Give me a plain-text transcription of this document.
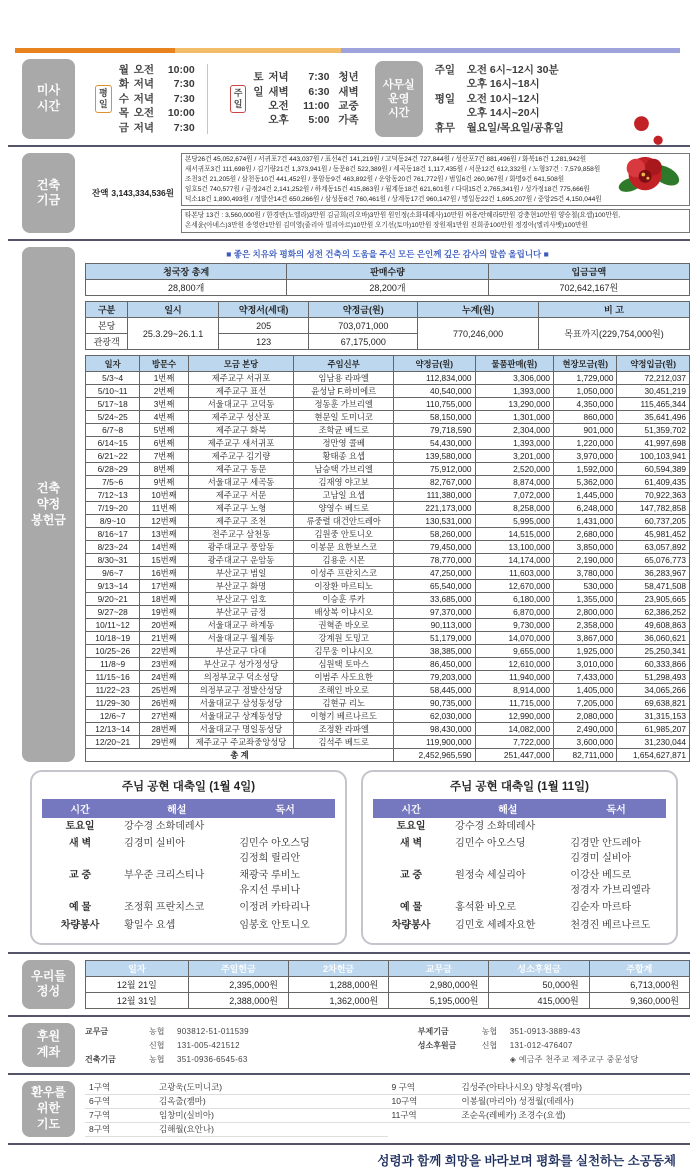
미사
시간
평
일
월 오전	10:00
화 저녁	7:30
수 저녁	7:30
목 오전	10:00
금 저녁	7:30
주
일
토 저녁	7:30 청년
일 새벽	6:30 새벽
오전	11:00 교중
오후	5:00 가족
사무실
운영
시간
주일	오전 6시~12시 30분
오후 16시~18시
평일	오전 10시~12시
오후 14시~20시
휴무	월요일/목요일/공휴일
건축
기금	잔액 3,143,334,536원
본당26건 45,052,674원 / 서귀포7건 443,037원 / 표선4건 141,219원 / 고덕동24건 727,844원 / 성산포7건 881,496원 / 화북16건 1,281,942원
새서귀포3건 111,698원 / 김기량21건 1,373,941원 / 동문8건 522,389원 / 세곡동18건 1,117,435원 / 서문12건 612,332원 / 노형37건 : 7,579,858원
조천3건 21,205원 / 삼천동10건 441,452원 / 풍암동9건 463,892원 / 운암동20건 761,772원 / 범일6건 260,967원 / 화명9건 641,508원
임호5건 740,577원 / 금정24건 2,141,252원 / 하계동15건 415,863원 / 월계동18건 621,601원 / 다대15건 2,765,341원 / 성가정18건 775,666원
덕소18건 1,890,493원 / 정발산14건 650,266원 / 삼성동8건 760,461원 / 상계동17건 960,147원 / 명일동22건 1,695,207원 / 중앙25건 4,150,044원
타본당 13건 : 3,560,000원 / 한경란(노엘라)3만원 김금희(리오바)3만원 원인정(소화데레사)10만원 허용/안혜라5만원 강충현10만원 양승철(요셉)100만원,
온세윤(아녜스)3만원 송영란1만원 김미영(줄리아 빌리아르)10만원 오기선(토마)10만원 장원재1만원 진희종100만원 정경아(엘리사벳)100만원
건축
약정
봉헌금
■ 좋은 치유와 평화의 성전 건축의 도움을 주신 모든 은인께 깊은 감사의 말씀 올립니다 ■
청국장 총계	판매수량	입금금액
28,800개	28,200개	702,642,167원
구분	일시	약정서(세대)	약정금(원)	누계(원)	비 고
본당	25.3.29~26.1.1	205	703,071,000	770,246,000	목표까지(229,754,000원)
관광객		123	67,175,000		
일자	방문수	모금 본당	주임신부	약정금(원)	물품판매(원)	현장모금(원)	약정입금(원)
5/3~4	1번째	제주교구 서귀포	임남용 라파엘	112,834,000	3,306,000	1,729,000	72,212,037
5/10~11	2번째	제주교구 표선	윤성남 F.하비에르	40,540,000	1,393,000	1,050,000	30,451,219
5/17~18	3번째	서울대교구 고덕동	정동훈 가브리엘	110,755,000	13,290,000	4,350,000	115,465,344
5/24~25	4번째	제주교구 성산포	현문일 도미니코	58,150,000	1,301,000	860,000	35,641,496
6/7~8	5번째	제주교구 화북	조학균 베드로	79,718,590	2,304,000	901,000	51,359,702
6/14~15	6번째	제주교구 새서귀포	정만영 콜베	54,430,000	1,393,000	1,220,000	41,997,698
6/21~22	7번째	제주교구 김기량	황태종 요셉	139,580,000	3,201,000	3,970,000	100,103,941
6/28~29	8번째	제주교구 동문	남승택 가브리엘	75,912,000	2,520,000	1,592,000	60,594,389
7/5~6	9번째	서울대교구 세곡동	김재영 야고보	82,767,000	8,874,000	5,362,000	61,409,435
7/12~13	10번째	제주교구 서문	고남일 요셉	111,380,000	7,072,000	1,445,000	70,922,363
7/19~20	11번째	제주교구 노형	양영수 베드로	221,173,000	8,258,000	6,248,000	147,782,858
8/9~10	12번째	제주교구 조천	류중렬 대건안드레아	130,531,000	5,995,000	1,431,000	60,737,205
8/16~17	13번째	전주교구 삼천동	김원중 안토니오	58,260,000	14,515,000	2,680,000	45,981,452
8/23~24	14번째	광주대교구 풍암동	이봉문 요한보스코	79,450,000	13,100,000	3,850,000	63,057,892
8/30~31	15번째	광주대교구 운암동	김용운 시몬	78,770,000	14,174,000	2,190,000	65,076,773
9/6~7	16번째	부산교구 범일	이성주 프란치스코	47,250,000	11,603,000	3,780,000	36,283,967
9/13~14	17번째	부산교구 화명	이장환 마르티노	65,540,000	12,670,000	530,000	58,471,508
9/20~21	18번째	부산교구 임호	이승훈 루카	33,685,000	6,180,000	1,355,000	23,905,665
9/27~28	19번째	부산교구 금정	배상복 이냐시오	97,370,000	6,870,000	2,800,000	62,386,252
10/11~12	20번째	서울대교구 하계동	권혁준 바오로	90,113,000	9,730,000	2,358,000	49,608,863
10/18~19	21번째	서울대교구 월계동	강계원 도밍고	51,179,000	14,070,000	3,867,000	36,060,621
10/25~26	22번째	부산교구 다대	김무웅 이냐시오	38,385,000	9,655,000	1,925,000	25,250,341
11/8~9	23번째	부산교구 성가정성당	심원택 토마스	86,450,000	12,610,000	3,010,000	60,333,866
11/15~16	24번째	의정부교구 덕소성당	이범주 사도요한	79,203,000	11,940,000	7,433,000	51,298,493
11/22~23	25번째	의정부교구 정발산성당	조해인 바오로	58,445,000	8,914,000	1,405,000	34,065,266
11/29~30	26번째	서울대교구 삼성동성당	김현규 리노	90,735,000	11,715,000	7,205,000	69,638,821
12/6~7	27번째	서울대교구 상계동성당	이형기 베르나르도	62,030,000	12,990,000	2,080,000	31,315,153
12/13~14	28번째	서울대교구 명일동성당	조정환 라파엘	98,430,000	14,082,000	2,490,000	61,985,207
12/20~21	29번째	제주교구 주교좌중앙성당	김석주 베드로	119,900,000	7,722,000	3,600,000	31,230,044
총 계				2,452,965,590	251,447,000	82,711,000	1,654,627,871
주님 공현 대축일 (1월 4일)
시간	해설	독서
토요일	강수경 소화데레사
새 벽	김경미 실비아	김민수 아오스딩
김정희 릴리안
교 중	부우준 크리스티나	채광국 루비노
유지선 루비나
예 물	조정휘 프란치스코	이정려 카타리나
차량봉사	황일수 요셉	임봉호 안토니오
주님 공현 대축일 (1월 11일)
시간	해설	독서
토요일	강수경 소화데레사
새 벽	김민수 아오스딩	김경만 안드레아
김경미 실비아
교 중	원정숙 세실리아	이강산 베드로
정경자 가브리엘라
예 물	홍석환 바오로	김순자 마르타
차량봉사	김민호 세례자요한	천경진 베르나르도
우리들
정성
일자	주일헌금	2차헌금	교무금	성소후원금	주합계
12월 21일	2,395,000원	1,288,000원	2,980,000원	50,000원	6,713,000원
12월 31일	2,388,000원	1,362,000원	5,195,000원	415,000원	9,360,000원
후원
계좌
교무금	농협	903812-51-011539
신협	131-005-421512
건축기금	농협	351-0936-6545-63
부제기금	농협	351-0913-3889-43
성소후원금	신협	131-012-476407
◈ 예금주 천주교 제주교구 중문성당
환우를
위한
기도
1구역	고광욱(도미니코)
6구역	김옥출(젬마)
7구역	임창미(실비아)
8구역	김해월(요안나)
9 구역	김성주(아타나시오) 양청옥(젬마)
10구역	이봉월(마리아) 성정월(데레사)
11구역	조순옥(레베카) 조경수(요셉)
성령과 함께 희망을 바라보며 평화를 실천하는 소공동체
